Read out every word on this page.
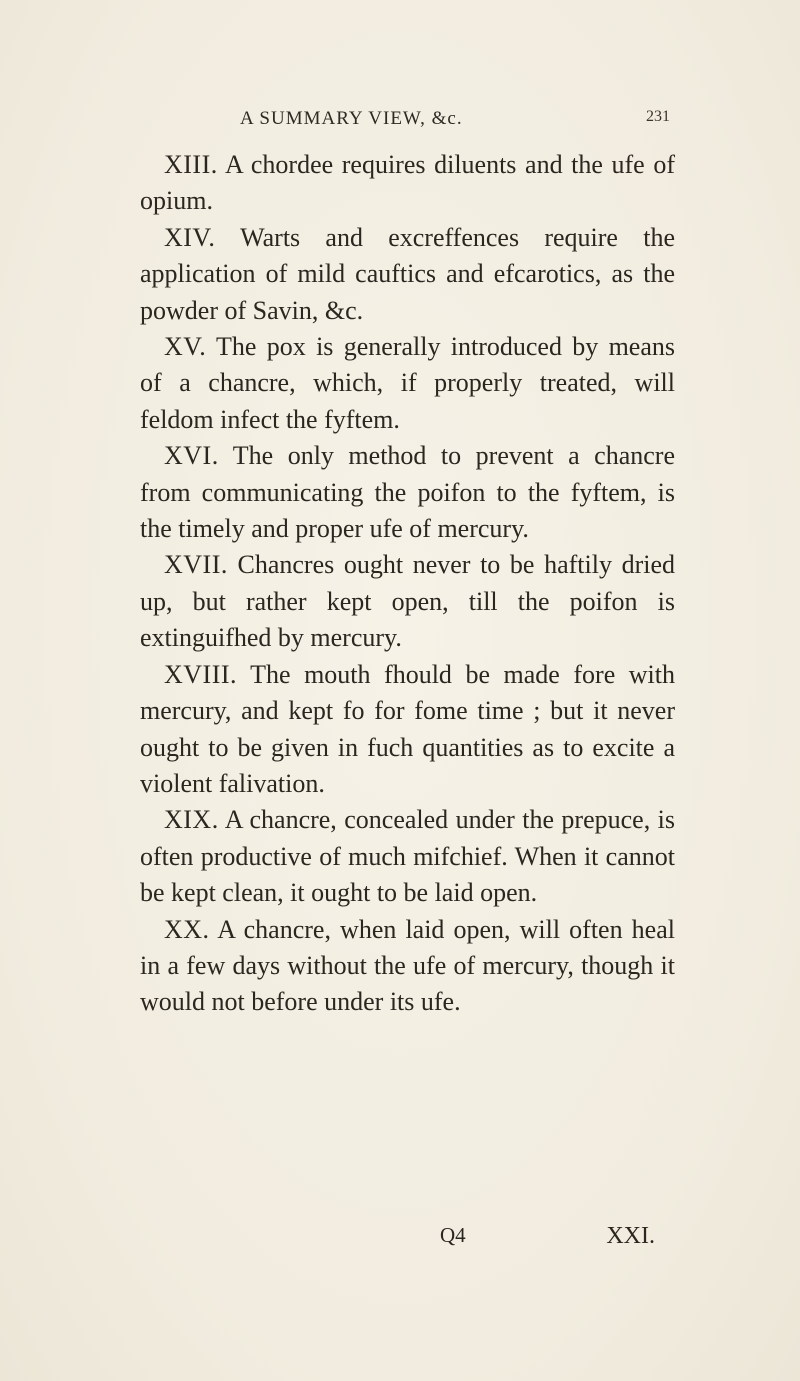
A SUMMARY VIEW, &c.	231

XIII. A chordee requires diluents and the ufe of opium.

XIV. Warts and excreffences require the application of mild cauftics and efcarotics, as the powder of Savin, &c.

XV. The pox is generally introduced by means of a chancre, which, if properly treated, will feldom infect the fyftem.

XVI. The only method to prevent a chancre from communicating the poifon to the fyftem, is the timely and proper ufe of mercury.

XVII. Chancres ought never to be haftily dried up, but rather kept open, till the poifon is extinguifhed by mercury.

XVIII. The mouth fhould be made fore with mercury, and kept fo for fome time ; but it never ought to be given in fuch quantities as to excite a violent falivation.

XIX. A chancre, concealed under the prepuce, is often productive of much mifchief. When it cannot be kept clean, it ought to be laid open.

XX. A chancre, when laid open, will often heal in a few days without the ufe of mercury, though it would not before under its ufe.

Q4	XXI.
